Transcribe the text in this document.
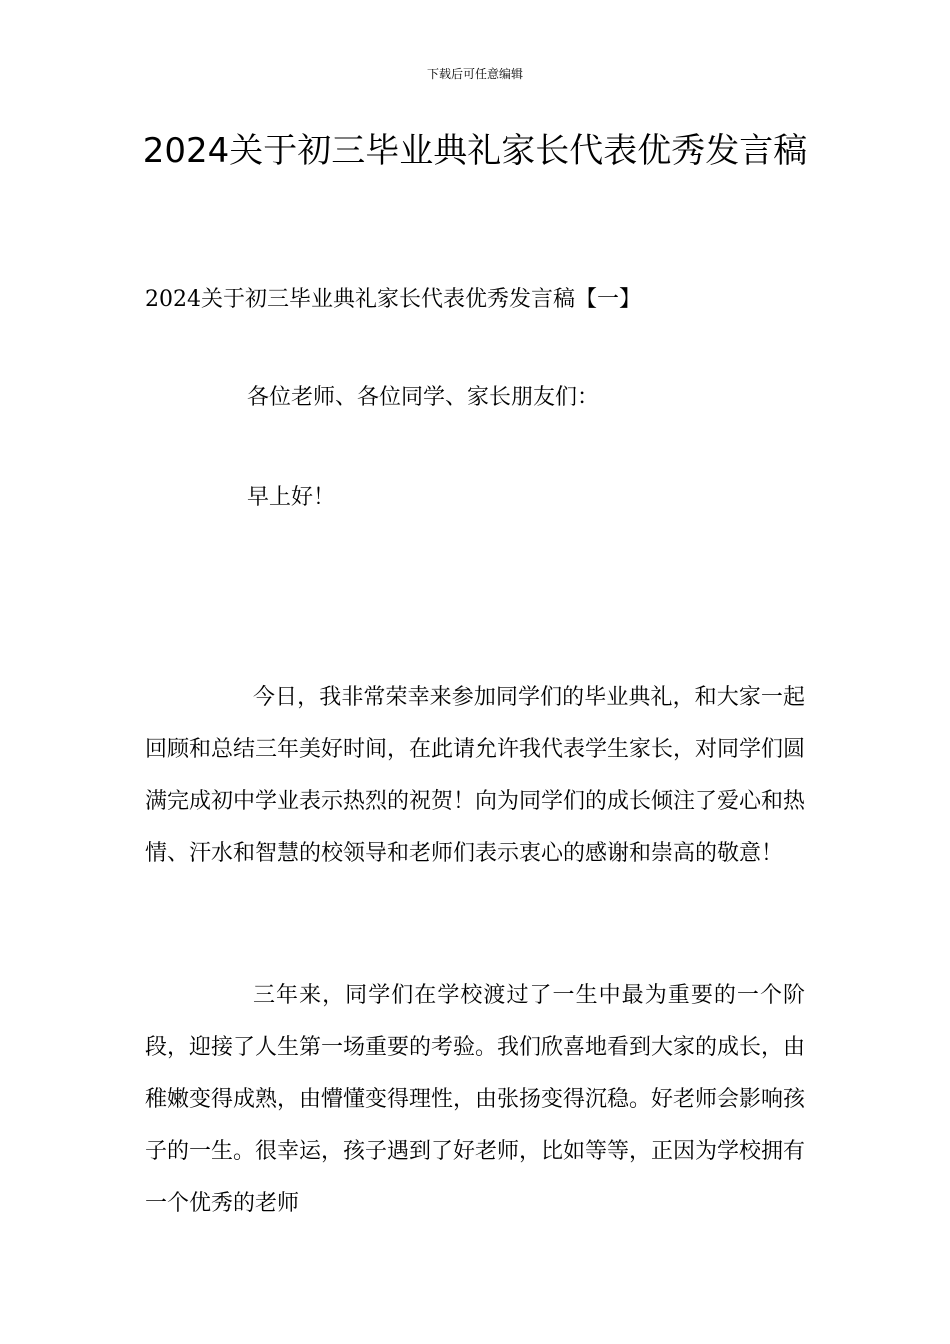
下载后可任意编辑
2024关于初三毕业典礼家长代表优秀发言稿
2024关于初三毕业典礼家长代表优秀发言稿【一】
各位老师、各位同学、家长朋友们：
早上好！

今日，我非常荣幸来参加同学们的毕业典礼，和大家一起回顾和总结三年美好时间，在此请允许我代表学生家长，对同学们圆满完成初中学业表示热烈的祝贺！向为同学们的成长倾注了爱心和热情、汗水和智慧的校领导和老师们表示衷心的感谢和崇高的敬意！

三年来，同学们在学校渡过了一生中最为重要的一个阶段，迎接了人生第一场重要的考验。我们欣喜地看到大家的成长，由稚嫩变得成熟，由懵懂变得理性，由张扬变得沉稳。好老师会影响孩子的一生。很幸运，孩子遇到了好老师，比如等等，正因为学校拥有一个优秀的老师
